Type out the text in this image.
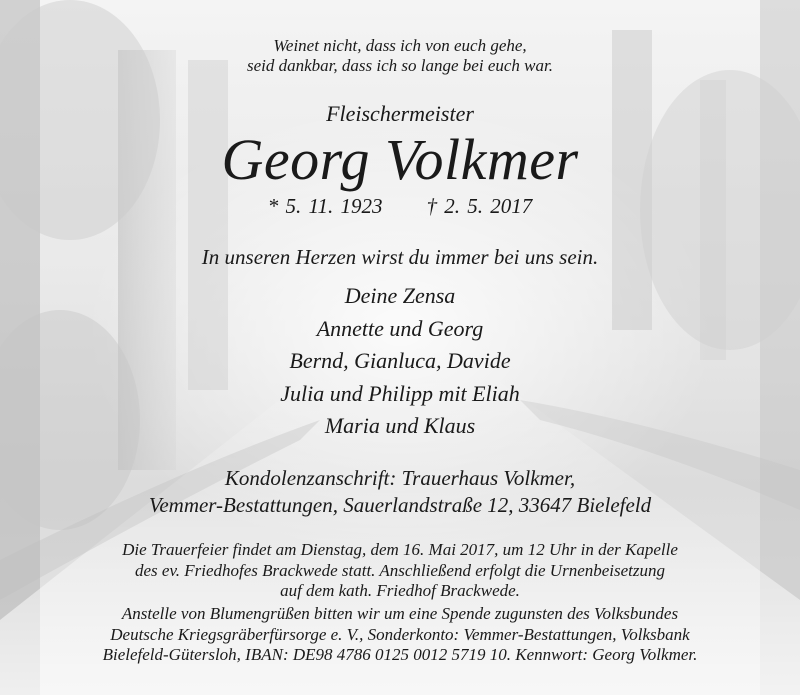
Weinet nicht, dass ich von euch gehe,
seid dankbar, dass ich so lange bei euch war.

Fleischermeister

Georg Volkmer

* 5. 11. 1923 † 2. 5. 2017

In unseren Herzen wirst du immer bei uns sein.

Deine Zensa
Annette und Georg
Bernd, Gianluca, Davide
Julia und Philipp mit Eliah
Maria und Klaus

Kondolenzanschrift: Trauerhaus Volkmer,
Vemmer-Bestattungen, Sauerlandstraße 12, 33647 Bielefeld

Die Trauerfeier findet am Dienstag, dem 16. Mai 2017, um 12 Uhr in der Kapelle
des ev. Friedhofes Brackwede statt. Anschließend erfolgt die Urnenbeisetzung
auf dem kath. Friedhof Brackwede.

Anstelle von Blumengrüßen bitten wir um eine Spende zugunsten des Volksbundes
Deutsche Kriegsgräberfürsorge e. V., Sonderkonto: Vemmer-Bestattungen, Volksbank
Bielefeld-Gütersloh, IBAN: DE98 4786 0125 0012 5719 10. Kennwort: Georg Volkmer.
